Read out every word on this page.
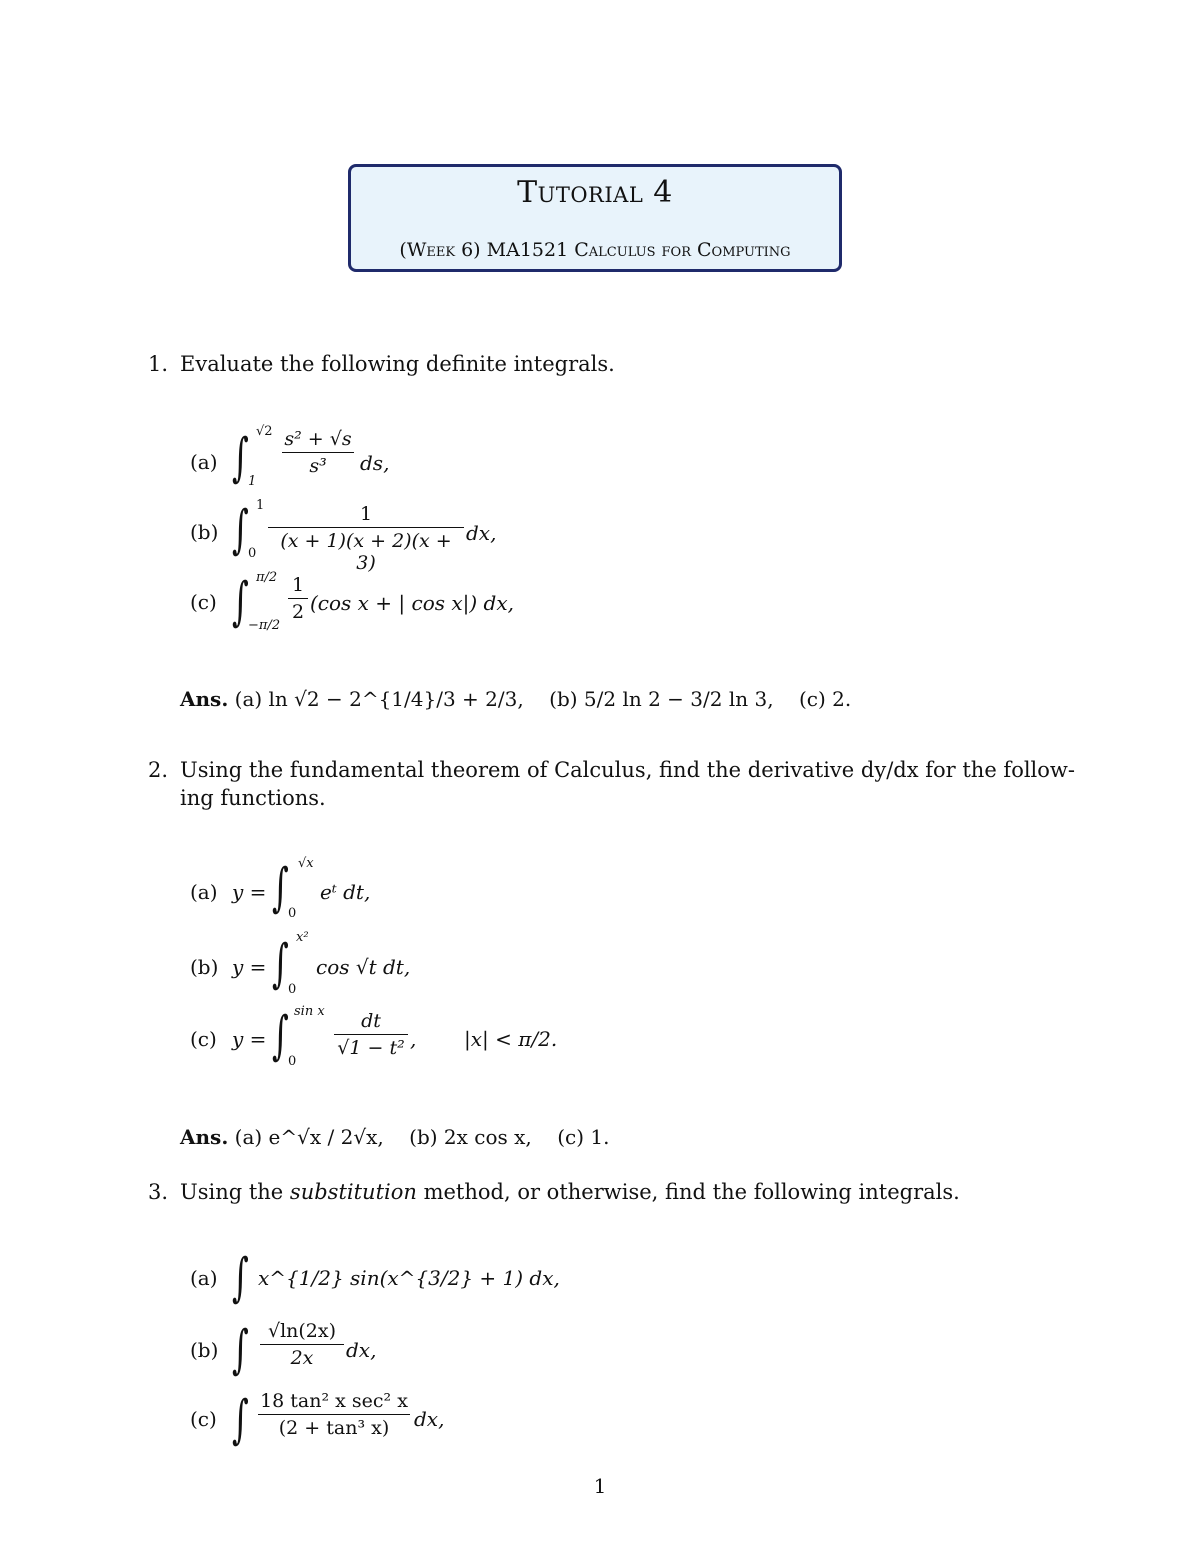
Tutorial 4
(Week 6) MA1521 Calculus for Computing
1. Evaluate the following definite integrals.
(a) ∫ √2
1
s² + √s
s³	ds,
(b) ∫ 1
0
1
(x + 1)(x + 2)(x + 3)
dx,
(c) ∫ π/2
−π/2
1
2 (cos x + | cos x|) dx,
Ans. (a) ln √2 − 2^{1/4}/3 + 2/3, (b) 5/2 ln 2 − 3/2 ln 3, (c) 2.
2. Using the fundamental theorem of Calculus, find the derivative dy/dx for the follow-
ing functions.
(a) y = ∫ √x
0
eᵗ dt,
(b) y = ∫ x²
0
cos √t dt,
(c) y = ∫ sin x
0
dt
√1 − t² , |x| < π/2.
Ans. (a) e^√x / 2√x, (b) 2x cos x, (c) 1.
3. Using the substitution method, or otherwise, find the following integrals.
(a) ∫ x^{1/2} sin(x^{3/2} + 1) dx,
(b) ∫	√ln(2x)
2x	dx,
(c) ∫ 18 tan² x sec² x
(2 + tan³ x)	dx,
1
